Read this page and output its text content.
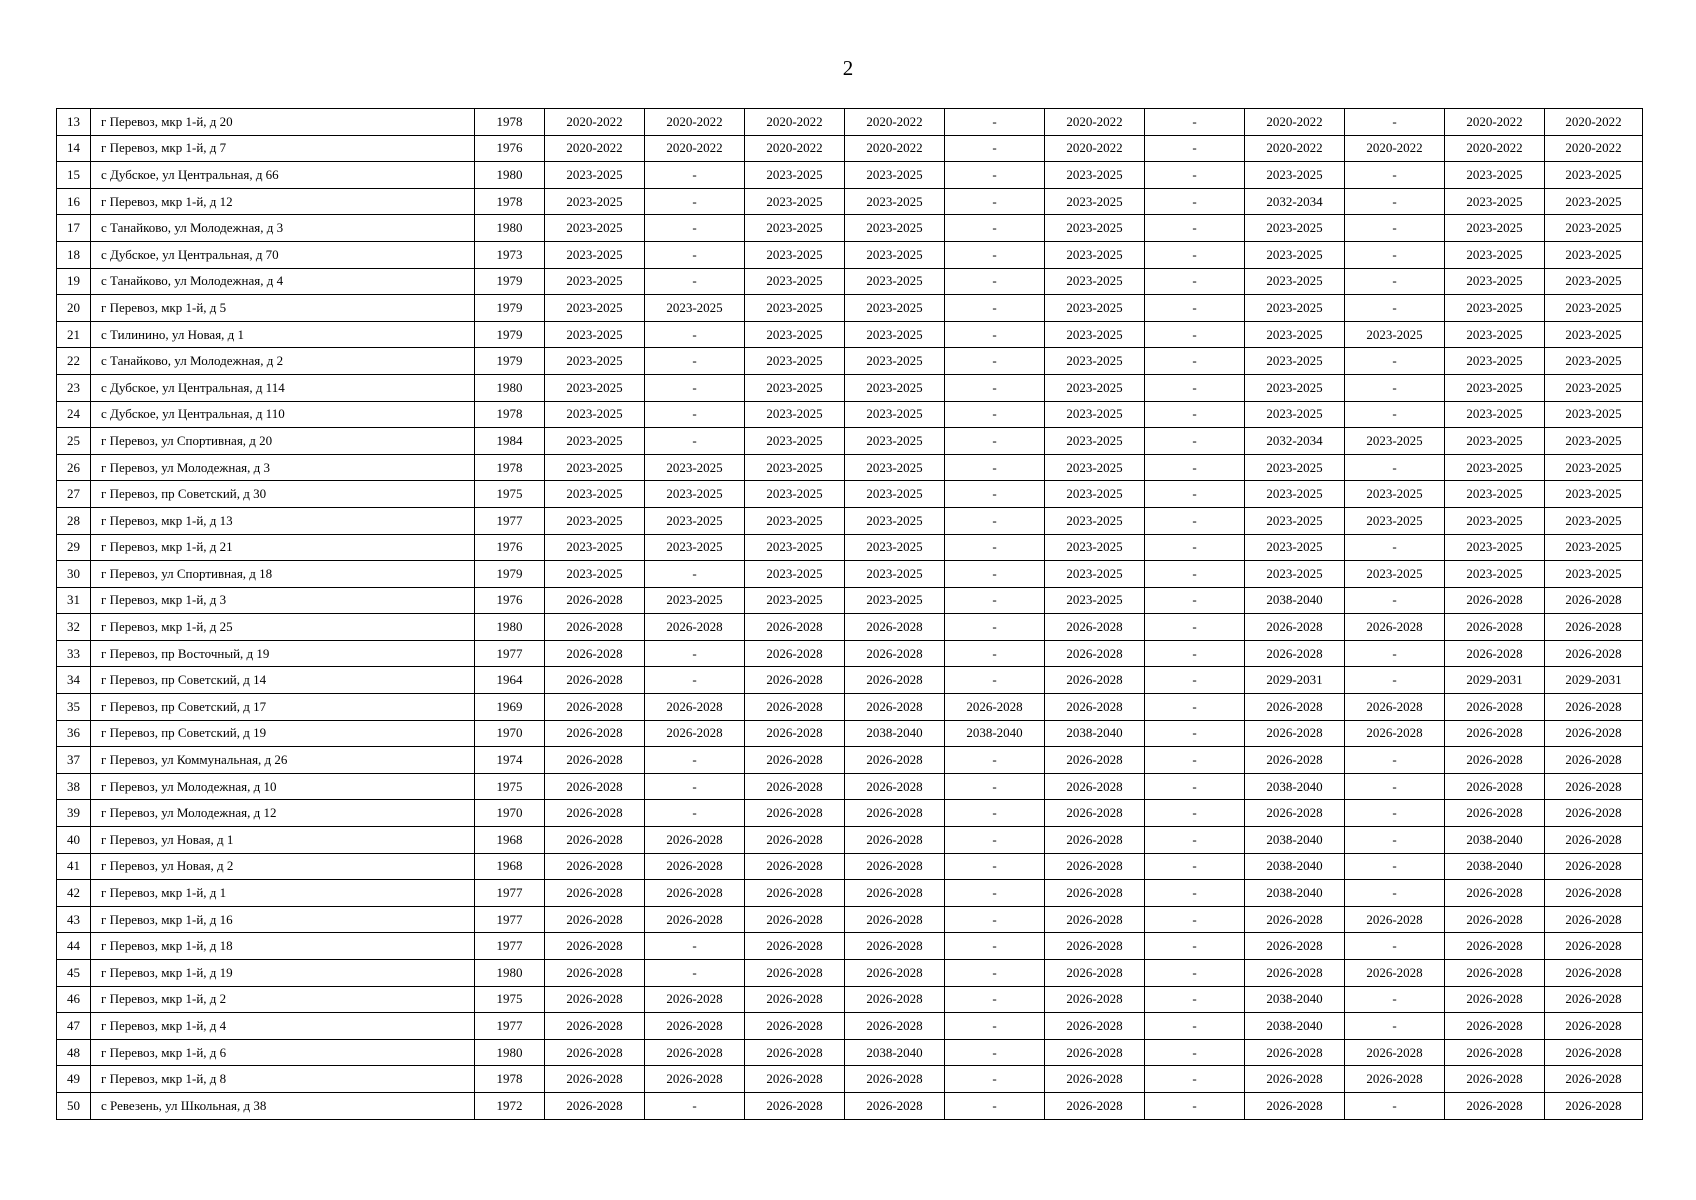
2
13	г Перевоз, мкр 1-й, д 20	1978	2020-2022	2020-2022	2020-2022	2020-2022	-	2020-2022	-	2020-2022	-	2020-2022	2020-2022
14	г Перевоз, мкр 1-й, д 7	1976	2020-2022	2020-2022	2020-2022	2020-2022	-	2020-2022	-	2020-2022	2020-2022	2020-2022	2020-2022
15	с Дубское, ул Центральная, д 66	1980	2023-2025	-	2023-2025	2023-2025	-	2023-2025	-	2023-2025	-	2023-2025	2023-2025
16	г Перевоз, мкр 1-й, д 12	1978	2023-2025	-	2023-2025	2023-2025	-	2023-2025	-	2032-2034	-	2023-2025	2023-2025
17	с Танайково, ул Молодежная, д 3	1980	2023-2025	-	2023-2025	2023-2025	-	2023-2025	-	2023-2025	-	2023-2025	2023-2025
18	с Дубское, ул Центральная, д 70	1973	2023-2025	-	2023-2025	2023-2025	-	2023-2025	-	2023-2025	-	2023-2025	2023-2025
19	с Танайково, ул Молодежная, д 4	1979	2023-2025	-	2023-2025	2023-2025	-	2023-2025	-	2023-2025	-	2023-2025	2023-2025
20	г Перевоз, мкр 1-й, д 5	1979	2023-2025	2023-2025	2023-2025	2023-2025	-	2023-2025	-	2023-2025	-	2023-2025	2023-2025
21	с Тилинино, ул Новая, д 1	1979	2023-2025	-	2023-2025	2023-2025	-	2023-2025	-	2023-2025	2023-2025	2023-2025	2023-2025
22	с Танайково, ул Молодежная, д 2	1979	2023-2025	-	2023-2025	2023-2025	-	2023-2025	-	2023-2025	-	2023-2025	2023-2025
23	с Дубское, ул Центральная, д 114	1980	2023-2025	-	2023-2025	2023-2025	-	2023-2025	-	2023-2025	-	2023-2025	2023-2025
24	с Дубское, ул Центральная, д 110	1978	2023-2025	-	2023-2025	2023-2025	-	2023-2025	-	2023-2025	-	2023-2025	2023-2025
25	г Перевоз, ул Спортивная, д 20	1984	2023-2025	-	2023-2025	2023-2025	-	2023-2025	-	2032-2034	2023-2025	2023-2025	2023-2025
26	г Перевоз, ул Молодежная, д 3	1978	2023-2025	2023-2025	2023-2025	2023-2025	-	2023-2025	-	2023-2025	-	2023-2025	2023-2025
27	г Перевоз, пр Советский, д 30	1975	2023-2025	2023-2025	2023-2025	2023-2025	-	2023-2025	-	2023-2025	2023-2025	2023-2025	2023-2025
28	г Перевоз, мкр 1-й, д 13	1977	2023-2025	2023-2025	2023-2025	2023-2025	-	2023-2025	-	2023-2025	2023-2025	2023-2025	2023-2025
29	г Перевоз, мкр 1-й, д 21	1976	2023-2025	2023-2025	2023-2025	2023-2025	-	2023-2025	-	2023-2025	-	2023-2025	2023-2025
30	г Перевоз, ул Спортивная, д 18	1979	2023-2025	-	2023-2025	2023-2025	-	2023-2025	-	2023-2025	2023-2025	2023-2025	2023-2025
31	г Перевоз, мкр 1-й, д 3	1976	2026-2028	2023-2025	2023-2025	2023-2025	-	2023-2025	-	2038-2040	-	2026-2028	2026-2028
32	г Перевоз, мкр 1-й, д 25	1980	2026-2028	2026-2028	2026-2028	2026-2028	-	2026-2028	-	2026-2028	2026-2028	2026-2028	2026-2028
33	г Перевоз, пр Восточный, д 19	1977	2026-2028	-	2026-2028	2026-2028	-	2026-2028	-	2026-2028	-	2026-2028	2026-2028
34	г Перевоз, пр Советский, д 14	1964	2026-2028	-	2026-2028	2026-2028	-	2026-2028	-	2029-2031	-	2029-2031	2029-2031
35	г Перевоз, пр Советский, д 17	1969	2026-2028	2026-2028	2026-2028	2026-2028	2026-2028	2026-2028	-	2026-2028	2026-2028	2026-2028	2026-2028
36	г Перевоз, пр Советский, д 19	1970	2026-2028	2026-2028	2026-2028	2038-2040	2038-2040	2038-2040	-	2026-2028	2026-2028	2026-2028	2026-2028
37	г Перевоз, ул Коммунальная, д 26	1974	2026-2028	-	2026-2028	2026-2028	-	2026-2028	-	2026-2028	-	2026-2028	2026-2028
38	г Перевоз, ул Молодежная, д 10	1975	2026-2028	-	2026-2028	2026-2028	-	2026-2028	-	2038-2040	-	2026-2028	2026-2028
39	г Перевоз, ул Молодежная, д 12	1970	2026-2028	-	2026-2028	2026-2028	-	2026-2028	-	2026-2028	-	2026-2028	2026-2028
40	г Перевоз, ул Новая, д 1	1968	2026-2028	2026-2028	2026-2028	2026-2028	-	2026-2028	-	2038-2040	-	2038-2040	2026-2028
41	г Перевоз, ул Новая, д 2	1968	2026-2028	2026-2028	2026-2028	2026-2028	-	2026-2028	-	2038-2040	-	2038-2040	2026-2028
42	г Перевоз, мкр 1-й, д 1	1977	2026-2028	2026-2028	2026-2028	2026-2028	-	2026-2028	-	2038-2040	-	2026-2028	2026-2028
43	г Перевоз, мкр 1-й, д 16	1977	2026-2028	2026-2028	2026-2028	2026-2028	-	2026-2028	-	2026-2028	2026-2028	2026-2028	2026-2028
44	г Перевоз, мкр 1-й, д 18	1977	2026-2028	-	2026-2028	2026-2028	-	2026-2028	-	2026-2028	-	2026-2028	2026-2028
45	г Перевоз, мкр 1-й, д 19	1980	2026-2028	-	2026-2028	2026-2028	-	2026-2028	-	2026-2028	2026-2028	2026-2028	2026-2028
46	г Перевоз, мкр 1-й, д 2	1975	2026-2028	2026-2028	2026-2028	2026-2028	-	2026-2028	-	2038-2040	-	2026-2028	2026-2028
47	г Перевоз, мкр 1-й, д 4	1977	2026-2028	2026-2028	2026-2028	2026-2028	-	2026-2028	-	2038-2040	-	2026-2028	2026-2028
48	г Перевоз, мкр 1-й, д 6	1980	2026-2028	2026-2028	2026-2028	2038-2040	-	2026-2028	-	2026-2028	2026-2028	2026-2028	2026-2028
49	г Перевоз, мкр 1-й, д 8	1978	2026-2028	2026-2028	2026-2028	2026-2028	-	2026-2028	-	2026-2028	2026-2028	2026-2028	2026-2028
50	с Ревезень, ул Школьная, д 38	1972	2026-2028	-	2026-2028	2026-2028	-	2026-2028	-	2026-2028	-	2026-2028	2026-2028
